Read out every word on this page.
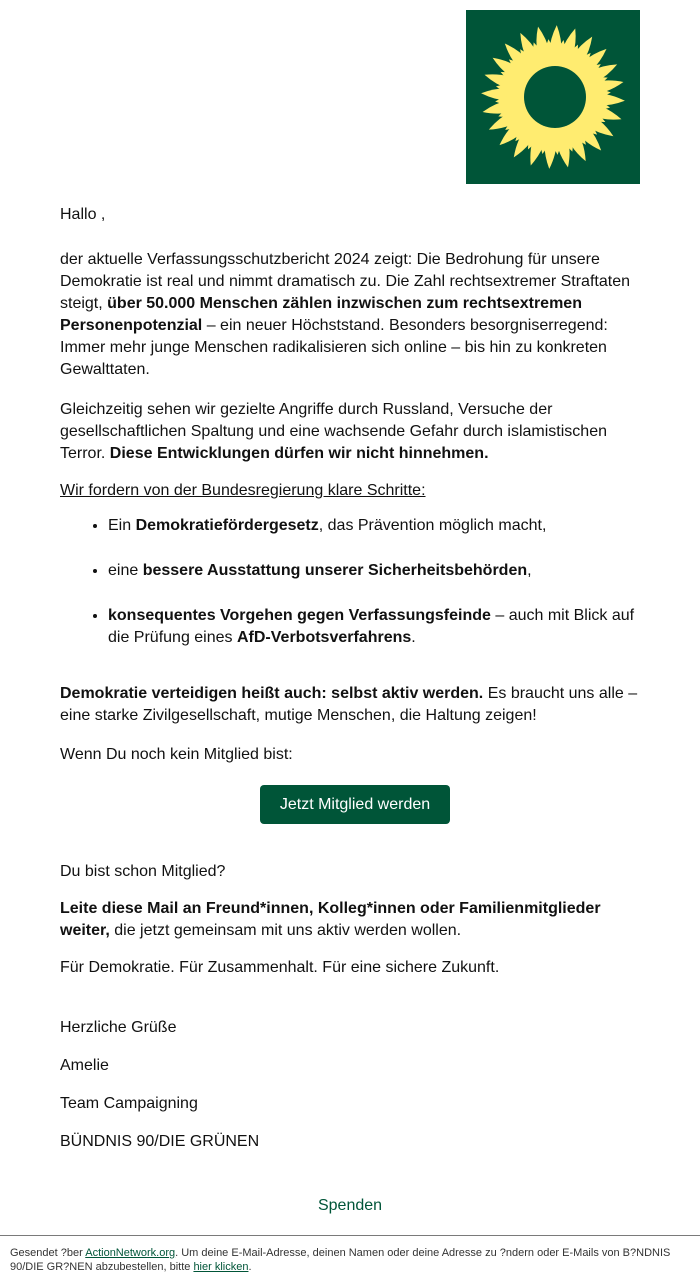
Hallo ,

der aktuelle Verfassungsschutzbericht 2024 zeigt: Die Bedrohung für unsere Demokratie ist real und nimmt dramatisch zu. Die Zahl rechtsextremer Straftaten steigt, über 50.000 Menschen zählen inzwischen zum rechtsextremen Personenpotenzial – ein neuer Höchststand. Besonders besorgniserregend: Immer mehr junge Menschen radikalisieren sich online – bis hin zu konkreten Gewalttaten.

Gleichzeitig sehen wir gezielte Angriffe durch Russland, Versuche der gesellschaftlichen Spaltung und eine wachsende Gefahr durch islamistischen Terror. Diese Entwicklungen dürfen wir nicht hinnehmen.

Wir fordern von der Bundesregierung klare Schritte:

• Ein Demokratiefördergesetz, das Prävention möglich macht,
• eine bessere Ausstattung unserer Sicherheitsbehörden,
• konsequentes Vorgehen gegen Verfassungsfeinde – auch mit Blick auf die Prüfung eines AfD-Verbotsverfahrens.

Demokratie verteidigen heißt auch: selbst aktiv werden. Es braucht uns alle – eine starke Zivilgesellschaft, mutige Menschen, die Haltung zeigen!

Wenn Du noch kein Mitglied bist:

Jetzt Mitglied werden

Du bist schon Mitglied?

Leite diese Mail an Freund*innen, Kolleg*innen oder Familienmitglieder weiter, die jetzt gemeinsam mit uns aktiv werden wollen.

Für Demokratie. Für Zusammenhalt. Für eine sichere Zukunft.

Herzliche Grüße

Amelie

Team Campaigning

BÜNDNIS 90/DIE GRÜNEN

Spenden
Gesendet ?ber ActionNetwork.org. Um deine E-Mail-Adresse, deinen Namen oder deine Adresse zu ?ndern oder E-Mails von B?NDNIS 90/DIE GR?NEN abzubestellen, bitte hier klicken.
